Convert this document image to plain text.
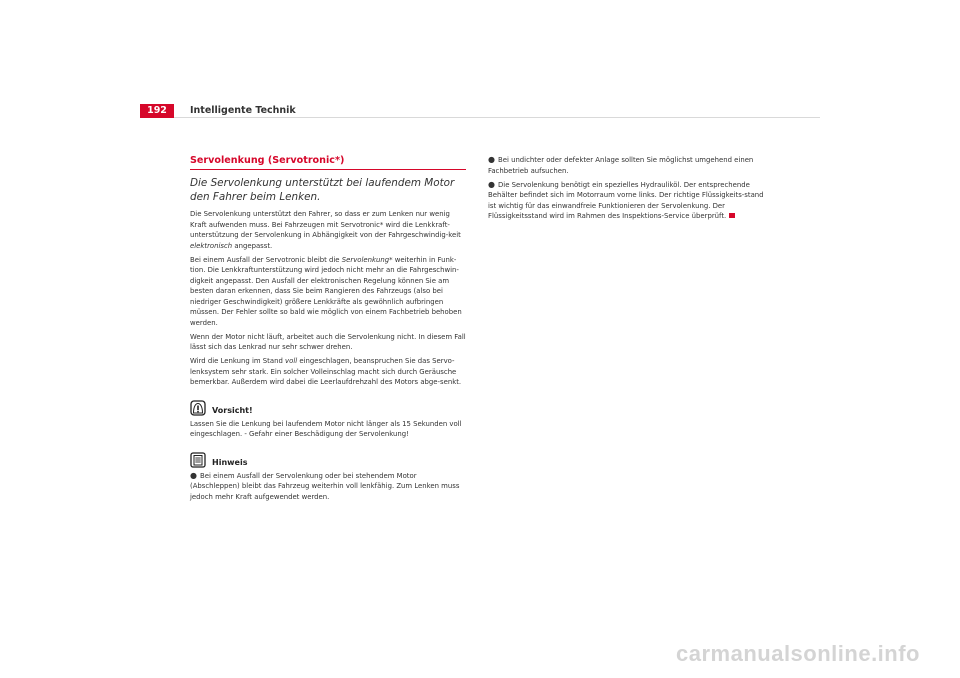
192	Intelligente Technik
Servolenkung (Servotronic*)
Die Servolenkung unterstützt bei laufendem Motor den Fahrer beim Lenken.

Die Servolenkung unterstützt den Fahrer, so dass er zum Lenken nur wenig Kraft aufwenden muss. Bei Fahrzeugen mit Servotronic* wird die Lenkkraft-unterstützung der Servolenkung in Abhängigkeit von der Fahrgeschwindig-keit elektronisch angepasst.

Bei einem Ausfall der Servotronic bleibt die Servolenkung* weiterhin in Funk-tion. Die Lenkkraftunterstützung wird jedoch nicht mehr an die Fahrgeschwin-digkeit angepasst. Den Ausfall der elektronischen Regelung können Sie am besten daran erkennen, dass Sie beim Rangieren des Fahrzeugs (also bei niedriger Geschwindigkeit) größere Lenkkräfte als gewöhnlich aufbringen müssen. Der Fehler sollte so bald wie möglich von einem Fachbetrieb behoben werden.

Wenn der Motor nicht läuft, arbeitet auch die Servolenkung nicht. In diesem Fall lässt sich das Lenkrad nur sehr schwer drehen.

Wird die Lenkung im Stand voll eingeschlagen, beanspruchen Sie das Servo-lenksystem sehr stark. Ein solcher Volleinschlag macht sich durch Geräusche bemerkbar. Außerdem wird dabei die Leerlaufdrehzahl des Motors abge-senkt.

Vorsicht!

Lassen Sie die Lenkung bei laufendem Motor nicht länger als 15 Sekunden voll eingeschlagen. - Gefahr einer Beschädigung der Servolenkung!

Hinweis
● Bei einem Ausfall der Servolenkung oder bei stehendem Motor (Abschleppen) bleibt das Fahrzeug weiterhin voll lenkfähig. Zum Lenken muss jedoch mehr Kraft aufgewendet werden.
● Bei undichter oder defekter Anlage sollten Sie möglichst umgehend einen Fachbetrieb aufsuchen.
● Die Servolenkung benötigt ein spezielles Hydrauliköl. Der entsprechende Behälter befindet sich im Motorraum vorne links. Der richtige Flüssigkeits-stand ist wichtig für das einwandfreie Funktionieren der Servolenkung. Der Flüssigkeitsstand wird im Rahmen des Inspektions-Service überprüft.
carmanualsonline.info
